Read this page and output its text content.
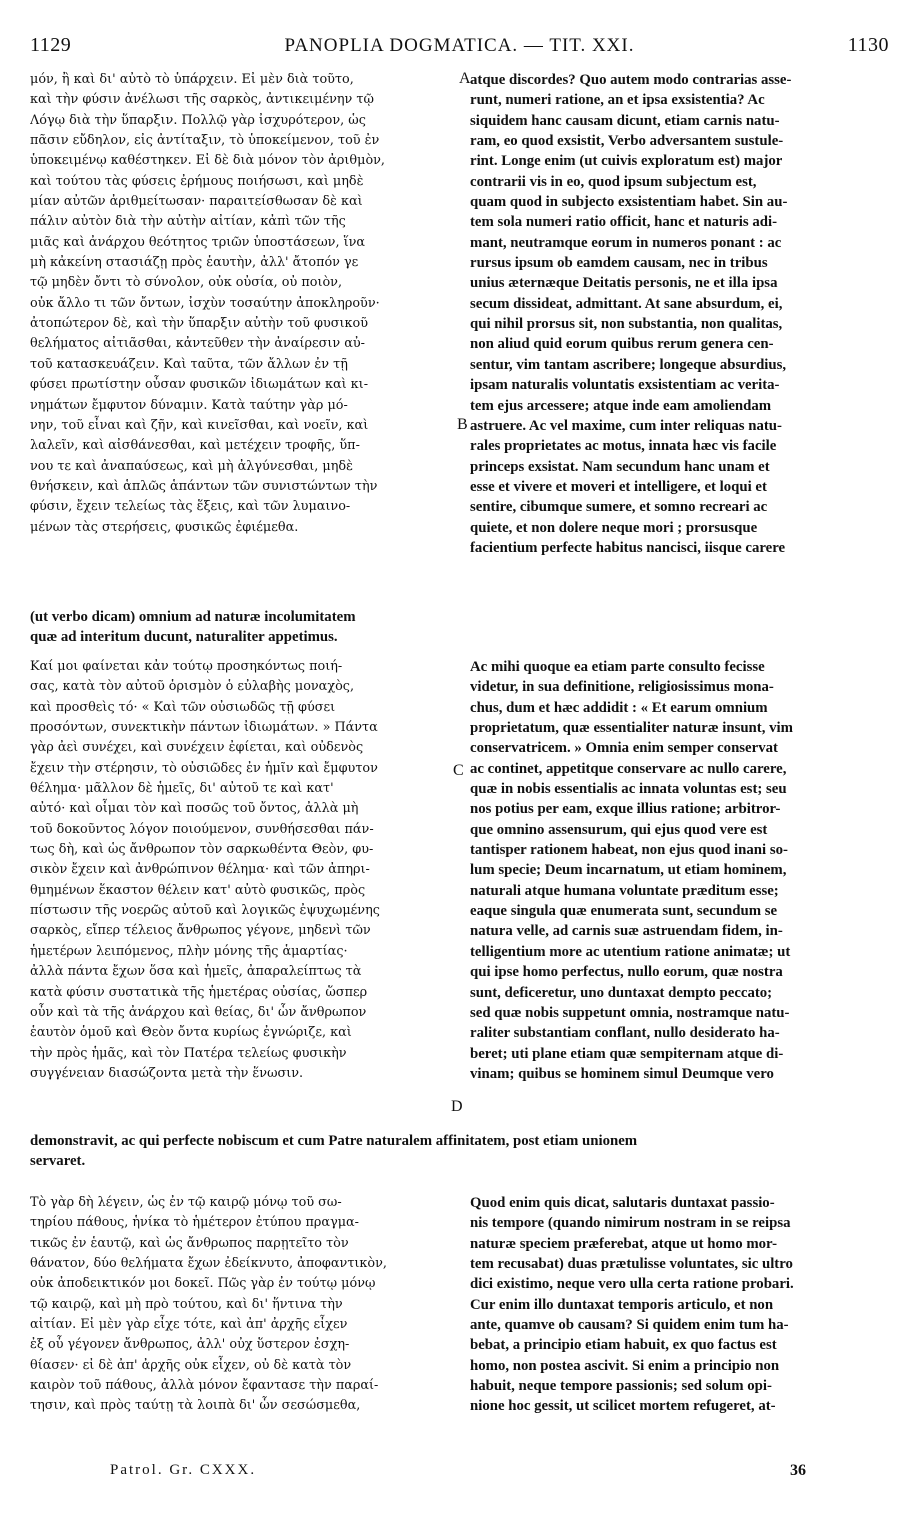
1129	PANOPLIA DOGMATICA. — TIT. XXI.	1130

μόν, ἢ καὶ δι' αὐτὸ τὸ ὑπάρχειν. Εἰ μὲν διὰ τοῦτο,
καὶ τὴν φύσιν ἀνέλωσι τῆς σαρκὸς, ἀντικειμένην τῷ
Λόγῳ διὰ τὴν ὕπαρξιν. Πολλῷ γὰρ ἰσχυρότερον, ὡς
πᾶσιν εὔδηλον, εἰς ἀντίταξιν, τὸ ὑποκείμενον, τοῦ ἐν
ὑποκειμένῳ καθέστηκεν. Εἰ δὲ διὰ μόνον τὸν ἀριθμὸν,
καὶ τούτου τὰς φύσεις ἐρήμους ποιήσωσι, καὶ μηδὲ
μίαν αὐτῶν ἀριθμείτωσαν· παραιτείσθωσαν δὲ καὶ
πάλιν αὐτὸν διὰ τὴν αὐτὴν αἰτίαν, κἀπὶ τῶν τῆς
μιᾶς καὶ ἀνάρχου θεότητος τριῶν ὑποστάσεων, ἵνα
μὴ κἀκείνη στασιάζῃ πρὸς ἑαυτὴν, ἀλλ' ἄτοπόν γε
τῷ μηδὲν ὄντι τὸ σύνολον, οὐκ οὐσία, οὐ ποιὸν,
οὐκ ἄλλο τι τῶν ὄντων, ἰσχὺν τοσαύτην ἀποκληροῦν·
ἀτοπώτερον δὲ, καὶ τὴν ὕπαρξιν αὐτὴν τοῦ φυσικοῦ
θελήματος αἰτιᾶσθαι, κἀντεῦθεν τὴν ἀναίρεσιν αὐ-
τοῦ κατασκευάζειν. Καὶ ταῦτα, τῶν ἄλλων ἐν τῇ
φύσει πρωτίστην οὖσαν φυσικῶν ἰδιωμάτων καὶ κι-
νημάτων ἔμφυτον δύναμιν. Κατὰ ταύτην γὰρ μό-
νην, τοῦ εἶναι καὶ ζῆν, καὶ κινεῖσθαι, καὶ νοεῖν, καὶ
λαλεῖν, καὶ αἰσθάνεσθαι, καὶ μετέχειν τροφῆς, ὕπ-
νου τε καὶ ἀναπαύσεως, καὶ μὴ ἀλγύνεσθαι, μηδὲ
θνήσκειν, καὶ ἁπλῶς ἁπάντων τῶν συνιστώντων τὴν
φύσιν, ἔχειν τελείως τὰς ἕξεις, καὶ τῶν λυμαινο-
μένων τὰς στερήσεις, φυσικῶς ἐφιέμεθα.

atque discordes? Quo autem modo contrarias asse-
runt, numeri ratione, an et ipsa exsistentia? Ac
siquidem hanc causam dicunt, etiam carnis natu-
ram, eo quod exsistit, Verbo adversantem sustule-
rint. Longe enim (ut cuivis exploratum est) major
contrarii vis in eo, quod ipsum subjectum est,
quam quod in subjecto exsistentiam habet. Sin au-
tem sola numeri ratio officit, hanc et naturis adi-
mant, neutramque eorum in numeros ponant : ac
rursus ipsum ob eamdem causam, nec in tribus
unius æternæque Deitatis personis, ne et illa ipsa
secum dissideat, admittant. At sane absurdum, ei,
qui nihil prorsus sit, non substantia, non qualitas,
non aliud quid eorum quibus rerum genera cen-
sentur, vim tantam ascribere; longeque absurdius,
ipsam naturalis voluntatis exsistentiam ac verita-
tem ejus arcessere; atque inde eam amoliendam
astruere. Ac vel maxime, cum inter reliquas natu-
rales proprietates ac motus, innata hæc vis facile
princeps exsistat. Nam secundum hanc unam et
esse et vivere et moveri et intelligere, et loqui et
sentire, cibumque sumere, et somno recreari ac
quiete, et non dolere neque mori ; prorsusque
facientium perfecte habitus nancisci, iisque carere

(ut verbo dicam) omnium ad naturæ incolumitatem
quæ ad interitum ducunt, naturaliter appetimus.

Καί μοι φαίνεται κἀν τούτῳ προσηκόντως ποιή-
σας, κατὰ τὸν αὐτοῦ ὁρισμὸν ὁ εὐλαβὴς μοναχὸς,
καὶ προσθεὶς τό· « Καὶ τῶν οὐσιωδῶς τῇ φύσει
προσόντων, συνεκτικὴν πάντων ἰδιωμάτων. » Πάντα
γὰρ ἀεὶ συνέχει, καὶ συνέχειν ἐφίεται, καὶ οὐδενὸς
ἔχειν τὴν στέρησιν, τὸ οὐσιῶδες ἐν ἡμῖν καὶ ἔμφυτον
θέλημα· μᾶλλον δὲ ἡμεῖς, δι' αὐτοῦ τε καὶ κατ'
αὐτό· καὶ οἶμαι τὸν καὶ ποσῶς τοῦ ὄντος, ἀλλὰ μὴ
τοῦ δοκοῦντος λόγον ποιούμενον, συνθήσεσθαι πάν-
τως δὴ, καὶ ὡς ἄνθρωπον τὸν σαρκωθέντα Θεὸν, φυ-
σικὸν ἔχειν καὶ ἀνθρώπινον θέλημα· καὶ τῶν ἀπηρι-
θμημένων ἕκαστον θέλειν κατ' αὐτὸ φυσικῶς, πρὸς
πίστωσιν τῆς νοερῶς αὐτοῦ καὶ λογικῶς ἐψυχωμένης
σαρκὸς, εἴπερ τέλειος ἄνθρωπος γέγονε, μηδενὶ τῶν
ἡμετέρων λειπόμενος, πλὴν μόνης τῆς ἁμαρτίας·
ἀλλὰ πάντα ἔχων ὅσα καὶ ἡμεῖς, ἀπαραλείπτως τὰ
κατὰ φύσιν συστατικὰ τῆς ἡμετέρας οὐσίας, ὥσπερ
οὖν καὶ τὰ τῆς ἀνάρχου καὶ θείας, δι' ὧν ἄνθρωπον
ἑαυτὸν ὁμοῦ καὶ Θεὸν ὄντα κυρίως ἐγνώριζε, καὶ
τὴν πρὸς ἡμᾶς, καὶ τὸν Πατέρα τελείως φυσικὴν
συγγένειαν διασώζοντα μετὰ τὴν ἕνωσιν.

Ac mihi quoque ea etiam parte consulto fecisse
videtur, in sua definitione, religiosissimus mona-
chus, dum et hæc addidit : « Et earum omnium
proprietatum, quæ essentialiter naturæ insunt, vim
conservatricem. » Omnia enim semper conservat
ac continet, appetitque conservare ac nullo carere,
quæ in nobis essentialis ac innata voluntas est; seu
nos potius per eam, exque illius ratione; arbitror-
que omnino assensurum, qui ejus quod vere est
tantisper rationem habeat, non ejus quod inani so-
lum specie; Deum incarnatum, ut etiam hominem,
naturali atque humana voluntate præditum esse;
eaque singula quæ enumerata sunt, secundum se
natura velle, ad carnis suæ astruendam fidem, in-
telligentium more ac utentium ratione animatæ; ut
qui ipse homo perfectus, nullo eorum, quæ nostra
sunt, deficeretur, uno duntaxat dempto peccato;
sed quæ nobis suppetunt omnia, nostramque natu-
raliter substantiam conflant, nullo desiderato ha-
beret; uti plane etiam quæ sempiternam atque di-
vinam; quibus se hominem simul Deumque vero

demonstravit, ac qui perfecte nobiscum et cum Patre naturalem affinitatem, post etiam unionem
servaret.

Τὸ γὰρ δὴ λέγειν, ὡς ἐν τῷ καιρῷ μόνῳ τοῦ σω-
τηρίου πάθους, ἡνίκα τὸ ἡμέτερον ἐτύπου πραγμα-
τικῶς ἐν ἑαυτῷ, καὶ ὡς ἄνθρωπος παρῃτεῖτο τὸν
θάνατον, δύο θελήματα ἔχων ἐδείκνυτο, ἀποφαντικὸν,
οὐκ ἀποδεικτικόν μοι δοκεῖ. Πῶς γὰρ ἐν τούτῳ μόνῳ
τῷ καιρῷ, καὶ μὴ πρὸ τούτου, καὶ δι' ἥντινα τὴν
αἰτίαν. Εἰ μὲν γὰρ εἶχε τότε, καὶ ἀπ' ἀρχῆς εἶχεν
ἐξ οὗ γέγονεν ἄνθρωπος, ἀλλ' οὐχ ὕστερον ἐσχη-
θίασεν· εἰ δὲ ἀπ' ἀρχῆς οὐκ εἶχεν, οὐ δὲ κατὰ τὸν
καιρὸν τοῦ πάθους, ἀλλὰ μόνον ἔφαντασε τὴν παραί-
τησιν, καὶ πρὸς ταύτῃ τὰ λοιπὰ δι' ὧν σεσώσμεθα,

Quod enim quis dicat, salutaris duntaxat passio-
nis tempore (quando nimirum nostram in se reipsa
naturæ speciem præferebat, atque ut homo mor-
tem recusabat) duas prætulisse voluntates, sic ultro
dici existimo, neque vero ulla certa ratione probari.
Cur enim illo duntaxat temporis articulo, et non
ante, quamve ob causam? Si quidem enim tum ha-
bebat, a principio etiam habuit, ex quo factus est
homo, non postea ascivit. Si enim a principio non
habuit, neque tempore passionis; sed solum opi-
nione hoc gessit, ut scilicet mortem refugeret, at-

A
B
C
D
Patrol. Gr. CXXX.	36
